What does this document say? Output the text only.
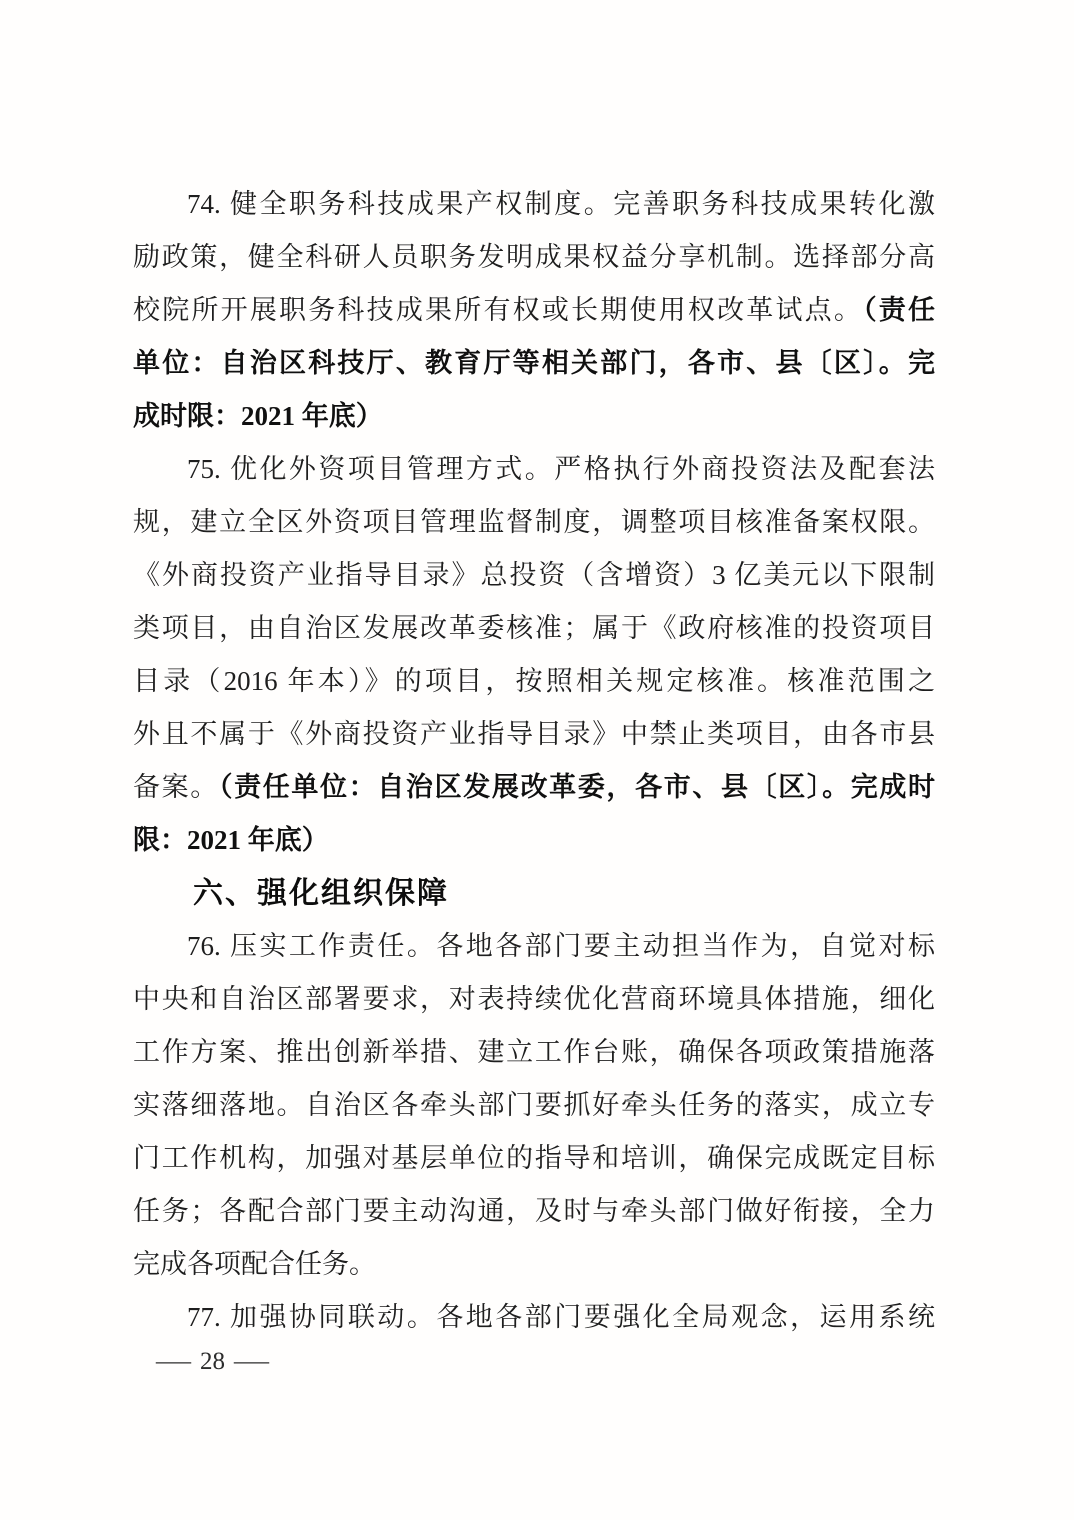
74. 健全职务科技成果产权制度。完善职务科技成果转化激
励政策，健全科研人员职务发明成果权益分享机制。选择部分高
校院所开展职务科技成果所有权或长期使用权改革试点。（责任
单位：自治区科技厅、教育厅等相关部门，各市、县〔区〕。完
成时限：2021 年底）
75. 优化外资项目管理方式。严格执行外商投资法及配套法
规，建立全区外资项目管理监督制度，调整项目核准备案权限。
《外商投资产业指导目录》总投资（含增资）3 亿美元以下限制
类项目，由自治区发展改革委核准；属于《政府核准的投资项目
目录（2016 年本）》的项目，按照相关规定核准。核准范围之
外且不属于《外商投资产业指导目录》中禁止类项目，由各市县
备案。（责任单位：自治区发展改革委，各市、县〔区〕。完成时
限：2021 年底）
六、强化组织保障
76. 压实工作责任。各地各部门要主动担当作为，自觉对标
中央和自治区部署要求，对表持续优化营商环境具体措施，细化
工作方案、推出创新举措、建立工作台账，确保各项政策措施落
实落细落地。自治区各牵头部门要抓好牵头任务的落实，成立专
门工作机构，加强对基层单位的指导和培训，确保完成既定目标
任务；各配合部门要主动沟通，及时与牵头部门做好衔接，全力
完成各项配合任务。
77. 加强协同联动。各地各部门要强化全局观念，运用系统
— 28 —
